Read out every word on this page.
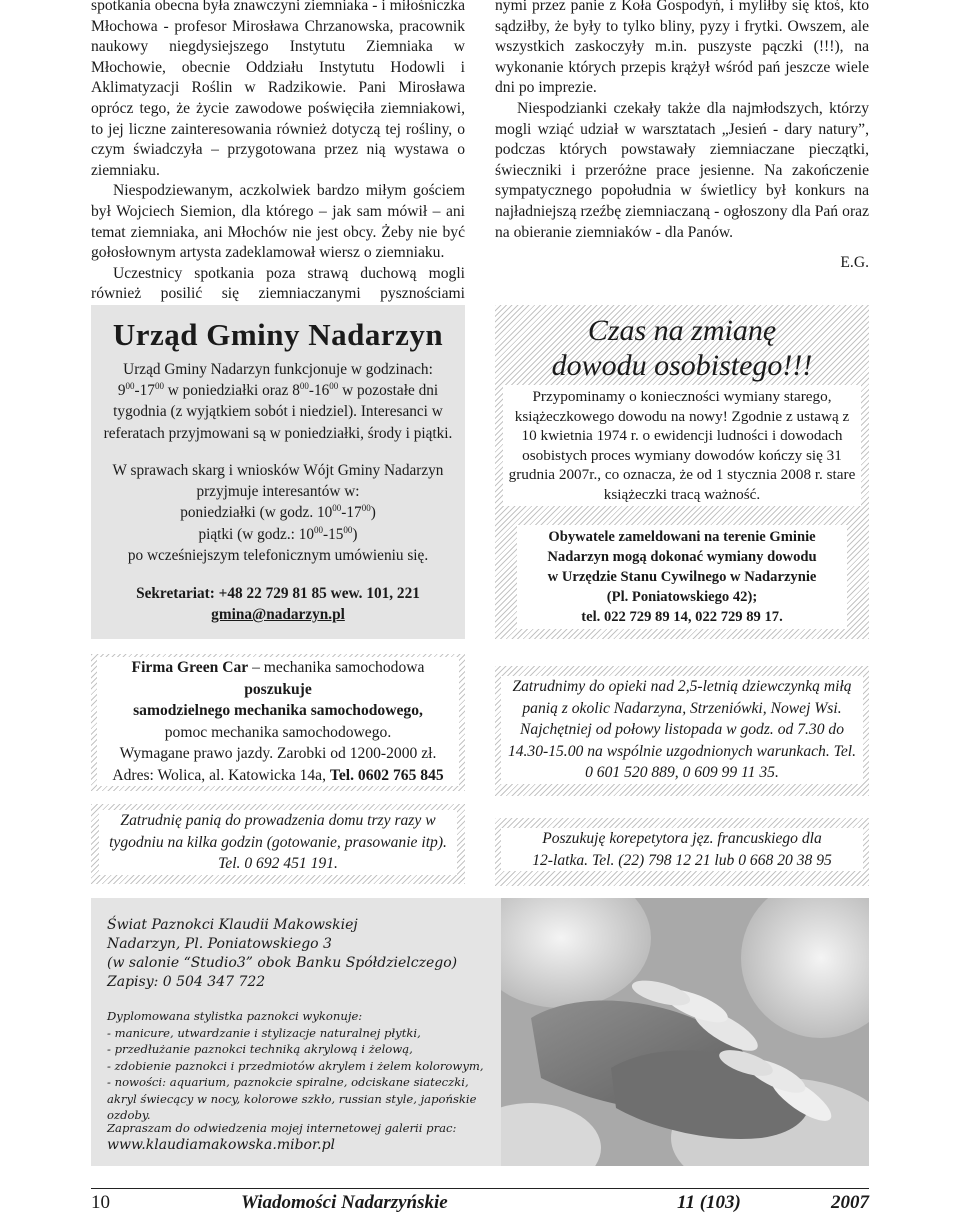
spotkania obecna była znawczyni ziemniaka - i miłośniczka Młochowa - profesor Mirosława Chrzanowska, pracownik naukowy niegdysiejszego Instytutu Ziemniaka w Młochowie, obecnie Oddziału Instytutu Hodowli i Aklimatyzacji Roślin w Radzikowie. Pani Mirosława oprócz tego, że życie zawodowe poświęciła ziemniakowi, to jej liczne zainteresowania również dotyczą tej rośliny, o czym świadczyła – przygotowana przez nią wystawa o ziemniaku.

Niespodziewanym, aczkolwiek bardzo miłym gościem był Wojciech Siemion, dla którego – jak sam mówił – ani temat ziemniaka, ani Młochów nie jest obcy. Żeby nie być gołosłownym artysta zadeklamował wiersz o ziemniaku.

Uczestnicy spotkania poza strawą duchową mogli również posilić się ziemniaczanymi pysznościami

nymi przez panie z Koła Gospodyń, i myliłby się ktoś, kto sądziłby, że były to tylko bliny, pyzy i frytki. Owszem, ale wszystkich zaskoczyły m.in. puszyste pączki (!!!), na wykonanie których przepis krążył wśród pań jeszcze wiele dni po imprezie.

Niespodzianki czekały także dla najmłodszych, którzy mogli wziąć udział w warsztatach „Jesień - dary natury”, podczas których powstawały ziemniaczane pieczątki, świeczniki i przeróżne prace jesienne. Na zakończenie sympatycznego popołudnia w świetlicy był konkurs na najładniejszą rzeźbę ziemniaczaną - ogłoszony dla Pań oraz na obieranie ziemniaków - dla Panów.

E.G.

Urząd Gminy Nadarzyn

Urząd Gminy Nadarzyn funkcjonuje w godzinach:

$9^{00}-17^{00}$ w poniedziałki oraz $8^{00}-16^{00}$ w pozostałe dni

tygodnia (z wyjątkiem sobót i niedziel). Interesanci w referatach przyjmowani są w poniedziałki, środy i piątki.

W sprawach skarg i wniosków Wójt Gminy Nadarzyn

przyjmuje interesantów w:

poniedziałki (w godz. $10^{00}-17^{00}$)

piątki (w godz.: $10^{00}-15^{00}$)

po wcześniejszym telefonicznym umówieniu się.

Sekretariat: +48 22 729 81 85 wew. 101, 221

gmina@nadarzyn.pl

Czas na zmianę
dowodu osobistego!!!
Przypominamy o konieczności wymiany starego, książeczkowego dowodu na nowy! Zgodnie z ustawą z 10 kwietnia 1974 r. o ewidencji ludności i dowodach osobistych proces wymiany dowodów kończy się 31 grudnia 2007r., co oznacza, że od 1 stycznia 2008 r. stare książeczki tracą ważność.

Obywatele zameldowani na terenie Gminie

Nadarzyn mogą dokonać wymiany dowodu

w Urzędzie Stanu Cywilnego w Nadarzynie

(Pl. Poniatowskiego 42);

tel. 022 729 89 14, 022 729 89 17.

Firma Green Car – mechanika samochodowa

poszukuje

samodzielnego mechanika samochodowego,

pomoc mechanika samochodowego.

Wymagane prawo jazdy. Zarobki od 1200-2000 zł.

Adres: Wolica, al. Katowicka 14a, Tel. 0602 765 845

Zatrudnię panią do prowadzenia domu trzy razy w tygodniu na kilka godzin (gotowanie, prasowanie itp). Tel. 0 692 451 191.
Zatrudnimy do opieki nad 2,5-letnią dziewczynką miłą panią z okolic Nadarzyna, Strzeniówki, Nowej Wsi. Najchętniej od połowy listopada w godz. od 7.30 do 14.30-15.00 na wspólnie uzgodnionych warunkach. Tel. 0 601 520 889, 0 609 99 11 35.

Poszukuję korepetytora jęz. francuskiego dla

12-latka. Tel. (22) 798 12 21 lub 0 668 20 38 95

Świat Paznokci Klaudii Makowskiej

Nadarzyn, Pl. Poniatowskiego 3

(w salonie “Studio3” obok Banku Spółdzielczego)

Zapisy: 0 504 347 722

Dyplomowana stylistka paznokci wykonuje:

- manicure, utwardzanie i stylizacje naturalnej płytki,

- przedłużanie paznokci techniką akrylową i żelową,

- zdobienie paznokci i przedmiotów akrylem i żelem kolorowym,

- nowości: aquarium, paznokcie spiralne, odciskane siateczki,

akryl świecący w nocy, kolorowe szkło, russian style, japońskie ozdoby.

Zapraszam do odwiedzenia mojej internetowej galerii prac:

www.klaudiamakowska.mibor.pl

10	Wiadomości Nadarzyńskie	11 (103)	2007
